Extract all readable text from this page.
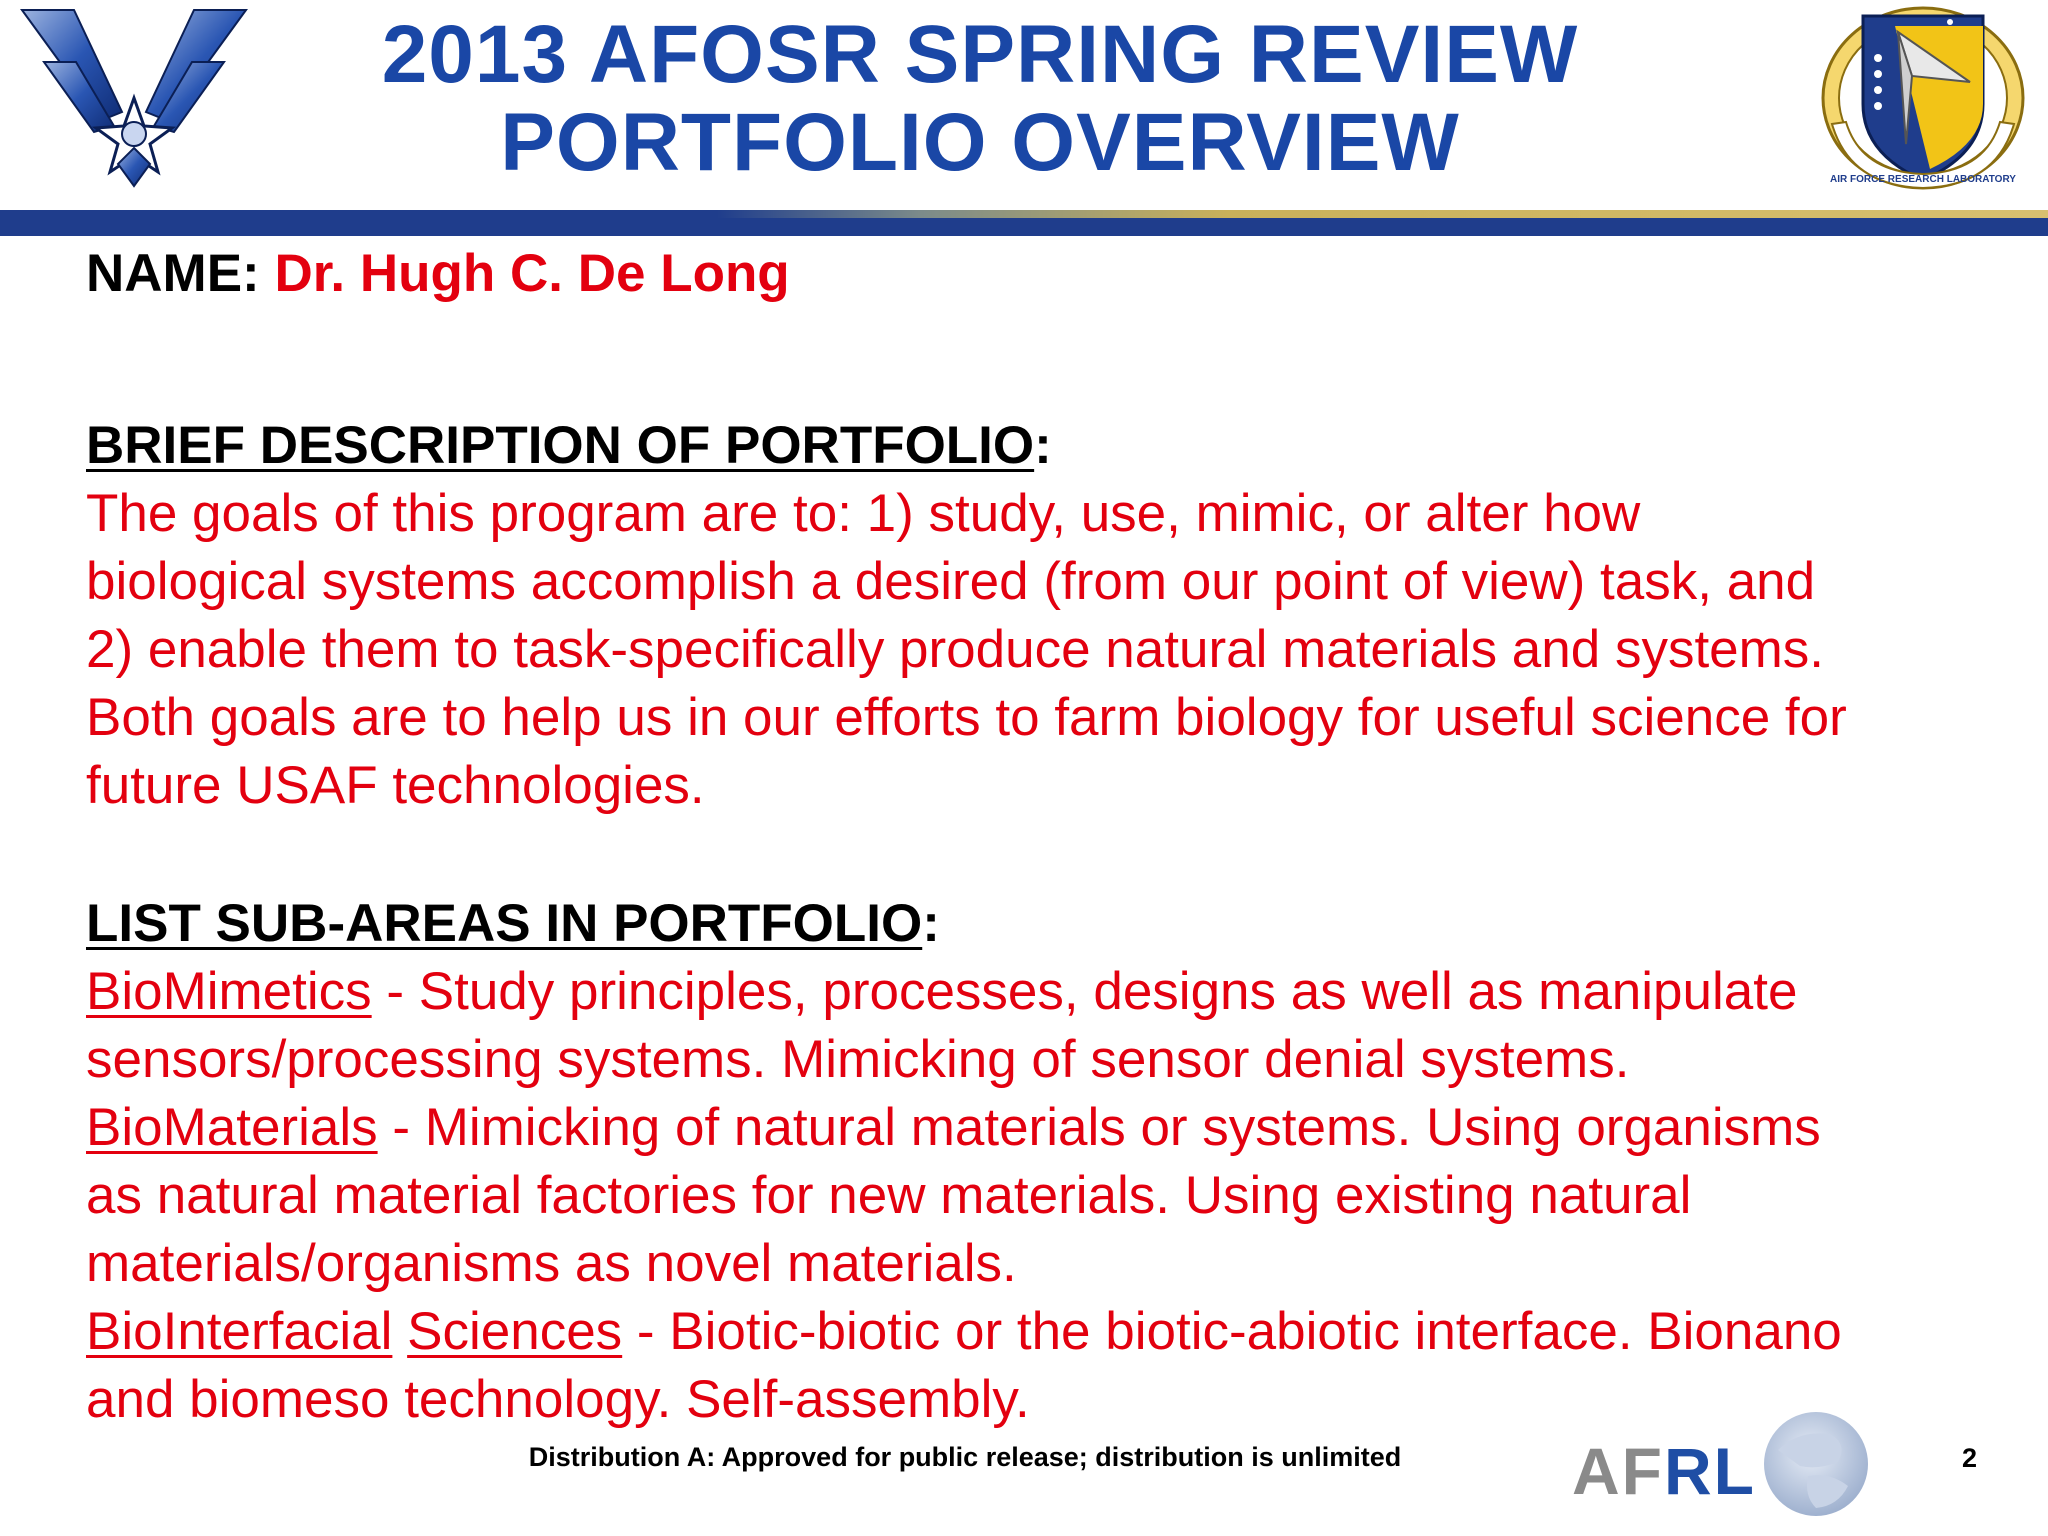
2013 AFOSR SPRING REVIEW
PORTFOLIO OVERVIEW	AIR FORCE RESEARCH LABORATORY
NAME: Dr. Hugh C. De Long
BRIEF DESCRIPTION OF PORTFOLIO:
The goals of this program are to: 1) study, use, mimic, or alter how
biological systems accomplish a desired (from our point of view) task, and
2) enable them to task-specifically produce natural materials and systems.
Both goals are to help us in our efforts to farm biology for useful science for
future USAF technologies.
LIST SUB-AREAS IN PORTFOLIO:
BioMimetics - Study principles, processes, designs as well as manipulate
sensors/processing systems. Mimicking of sensor denial systems.
BioMaterials - Mimicking of natural materials or systems. Using organisms
as natural material factories for new materials. Using existing natural
materials/organisms as novel materials.
BioInterfacial Sciences - Biotic-biotic or the biotic-abiotic interface. Bionano
and biomeso technology. Self-assembly.
Distribution A: Approved for public release; distribution is unlimited	AFRL	2
